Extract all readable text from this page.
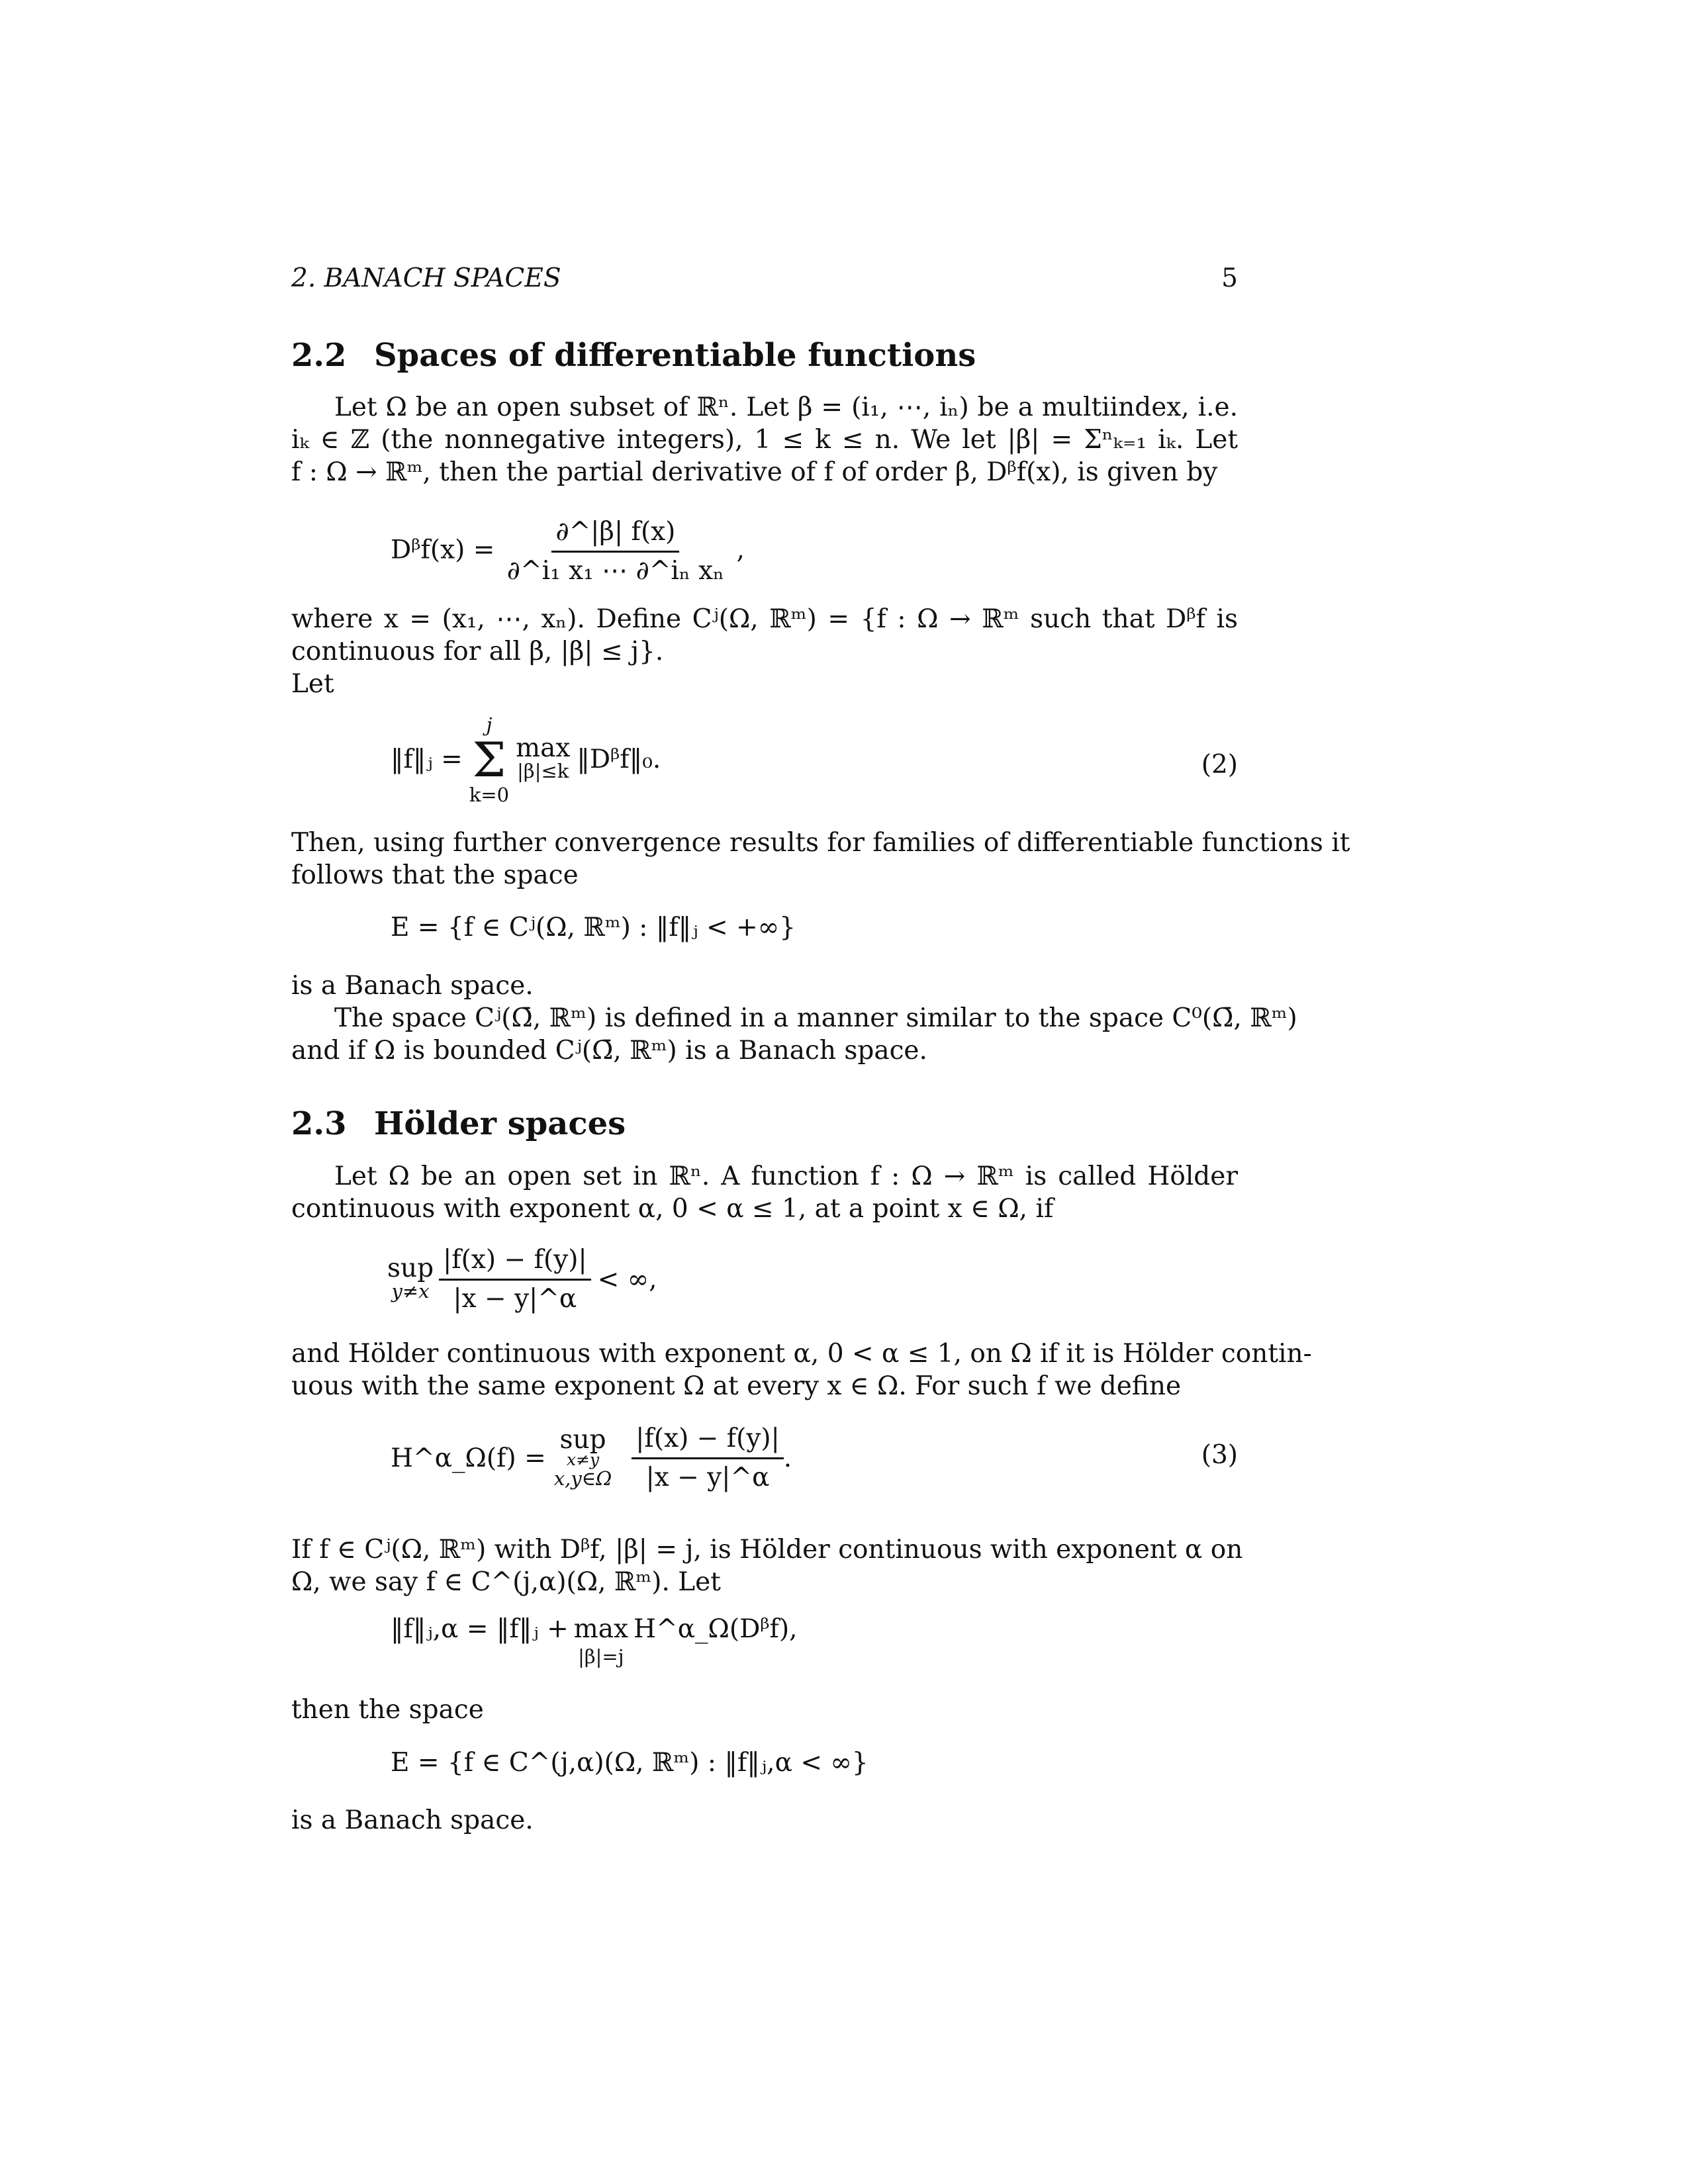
2. BANACH SPACES	5
2.2 Spaces of differentiable functions
Let Ω be an open subset of ℝⁿ. Let β = (i₁, ⋯, iₙ) be a multiindex, i.e.
iₖ ∈ ℤ (the nonnegative integers), 1 ≤ k ≤ n. We let |β| = Σⁿₖ₌₁ iₖ. Let
f : Ω → ℝᵐ, then the partial derivative of f of order β, Dᵝf(x), is given by
Dᵝf(x) = $\frac{\partial\^{}|\beta| f(x)}{\text{∂\textasciicircum{}i₁ x₁ ⋯ ∂\textasciicircum{}iₙ xₙ}}$ ,
where x = (x₁, ⋯, xₙ). Define Cʲ(Ω, ℝᵐ) = {f : Ω → ℝᵐ such that Dᵝf is
continuous for all β, |β| ≤ j}.
Let
‖f‖ⱼ =
j
Σ
k=0
max
|β|≤k ‖Dᵝf‖₀.	(2)
Then, using further convergence results for families of differentiable functions it
follows that the space
E = {f ∈ Cʲ(Ω, ℝᵐ) : ‖f‖ⱼ < +∞}
is a Banach space.
The space Cʲ(Ω̄, ℝᵐ) is defined in a manner similar to the space C⁰(Ω̄, ℝᵐ)
and if Ω is bounded Cʲ(Ω̄, ℝᵐ) is a Banach space.
2.3 Hölder spaces
Let Ω be an open set in ℝⁿ. A function f : Ω → ℝᵐ is called Hölder
continuous with exponent α, 0 < α ≤ 1, at a point x ∈ Ω, if
sup
$y\ne x \frac{|f(x) - f(y)|}{|x - y|\^{}\alpha}$ < ∞,
and Hölder continuous with exponent α, 0 < α ≤ 1, on Ω if it is Hölder contin-
uous with the same exponent Ω at every x ∈ Ω. For such f we define
H^α_Ω(f) =
sup
x≠y
x,y∈Ω $\frac{|f(x) - f(y)|}{|x - y|\^{}\alpha}$ .	(3)
If f ∈ Cʲ(Ω, ℝᵐ) with Dᵝf, |β| = j, is Hölder continuous with exponent α on
Ω, we say f ∈ C^(j,α)(Ω, ℝᵐ). Let
‖f‖ⱼ,α = ‖f‖ⱼ + max
|β|=j
H^α_Ω(Dᵝf),
then the space
E = {f ∈ C^(j,α)(Ω, ℝᵐ) : ‖f‖ⱼ,α < ∞}
is a Banach space.
